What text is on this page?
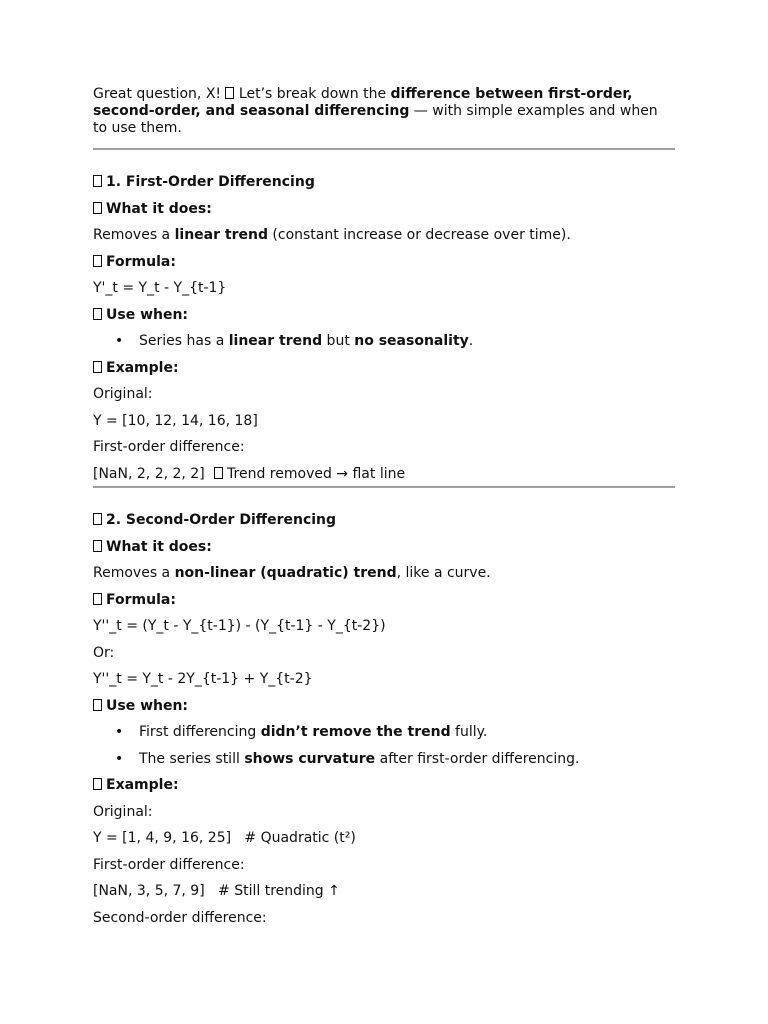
Great question, X!  Let’s break down the difference between first-order, second-order, and seasonal differencing — with simple examples and when to use them.

1. First-Order Differencing
What it does:
Removes a linear trend (constant increase or decrease over time).
Formula:
Y'_t = Y_t - Y_{t-1}
Use when:
• Series has a linear trend but no seasonality.
Example:
Original:
Y = [10, 12, 14, 16, 18]
First-order difference:
[NaN, 2, 2, 2, 2]   Trend removed → flat line
2. Second-Order Differencing
What it does:
Removes a non-linear (quadratic) trend, like a curve.
Formula:
Y''_t = (Y_t - Y_{t-1}) - (Y_{t-1} - Y_{t-2})
Or:
Y''_t = Y_t - 2Y_{t-1} + Y_{t-2}
Use when:
• First differencing didn’t remove the trend fully.
• The series still shows curvature after first-order differencing.
Example:
Original:
Y = [1, 4, 9, 16, 25]   # Quadratic (t²)
First-order difference:
[NaN, 3, 5, 7, 9]   # Still trending ↑
Second-order difference:
